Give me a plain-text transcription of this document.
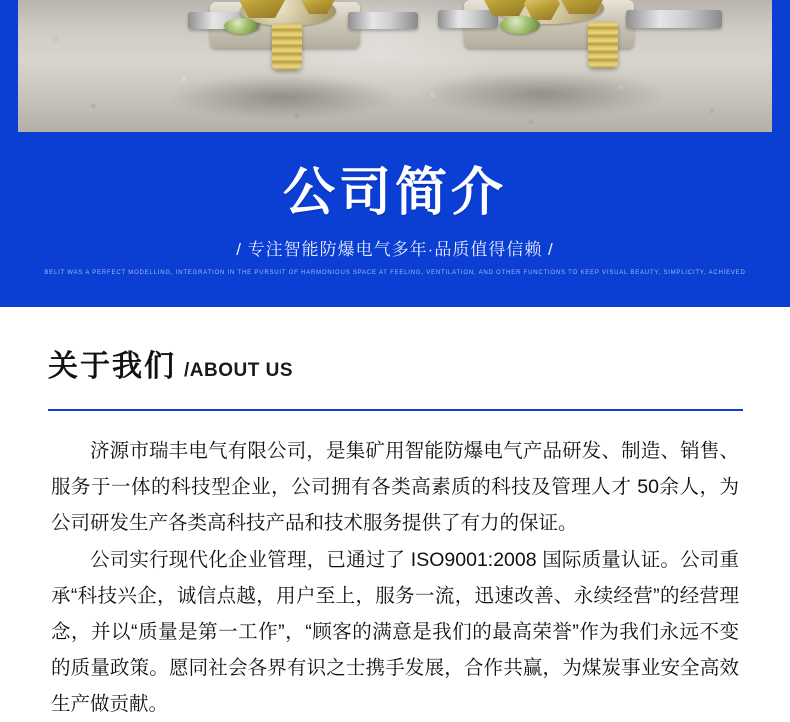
公司简介

/ 专注智能防爆电气多年·品质值得信赖 /

BELIT WAS A PERFECT MODELLING, INTEGRATION IN THE PURSUIT OF HARMONIOUS SPACE AT FEELING, VENTILATION, AND OTHER FUNCTIONS TO KEEP VISUAL BEAUTY, SIMPLICITY, ACHIEVED

关于我们 /ABOUT US

济源市瑞丰电气有限公司，是集矿用智能防爆电气产品研发、制造、销售、服务于一体的科技型企业，公司拥有各类高素质的科技及管理人才 50余人，为公司研发生产各类高科技产品和技术服务提供了有力的保证。

公司实行现代化企业管理，已通过了 ISO9001:2008 国际质量认证。公司重承“科技兴企，诚信点越，用户至上，服务一流，迅速改善、永续经营”的经营理念，并以“质量是第一工作”，“顾客的满意是我们的最高荣誉”作为我们永远不变的质量政策。愿同社会各界有识之士携手发展，合作共赢，为煤炭事业安全高效生产做贡献。
